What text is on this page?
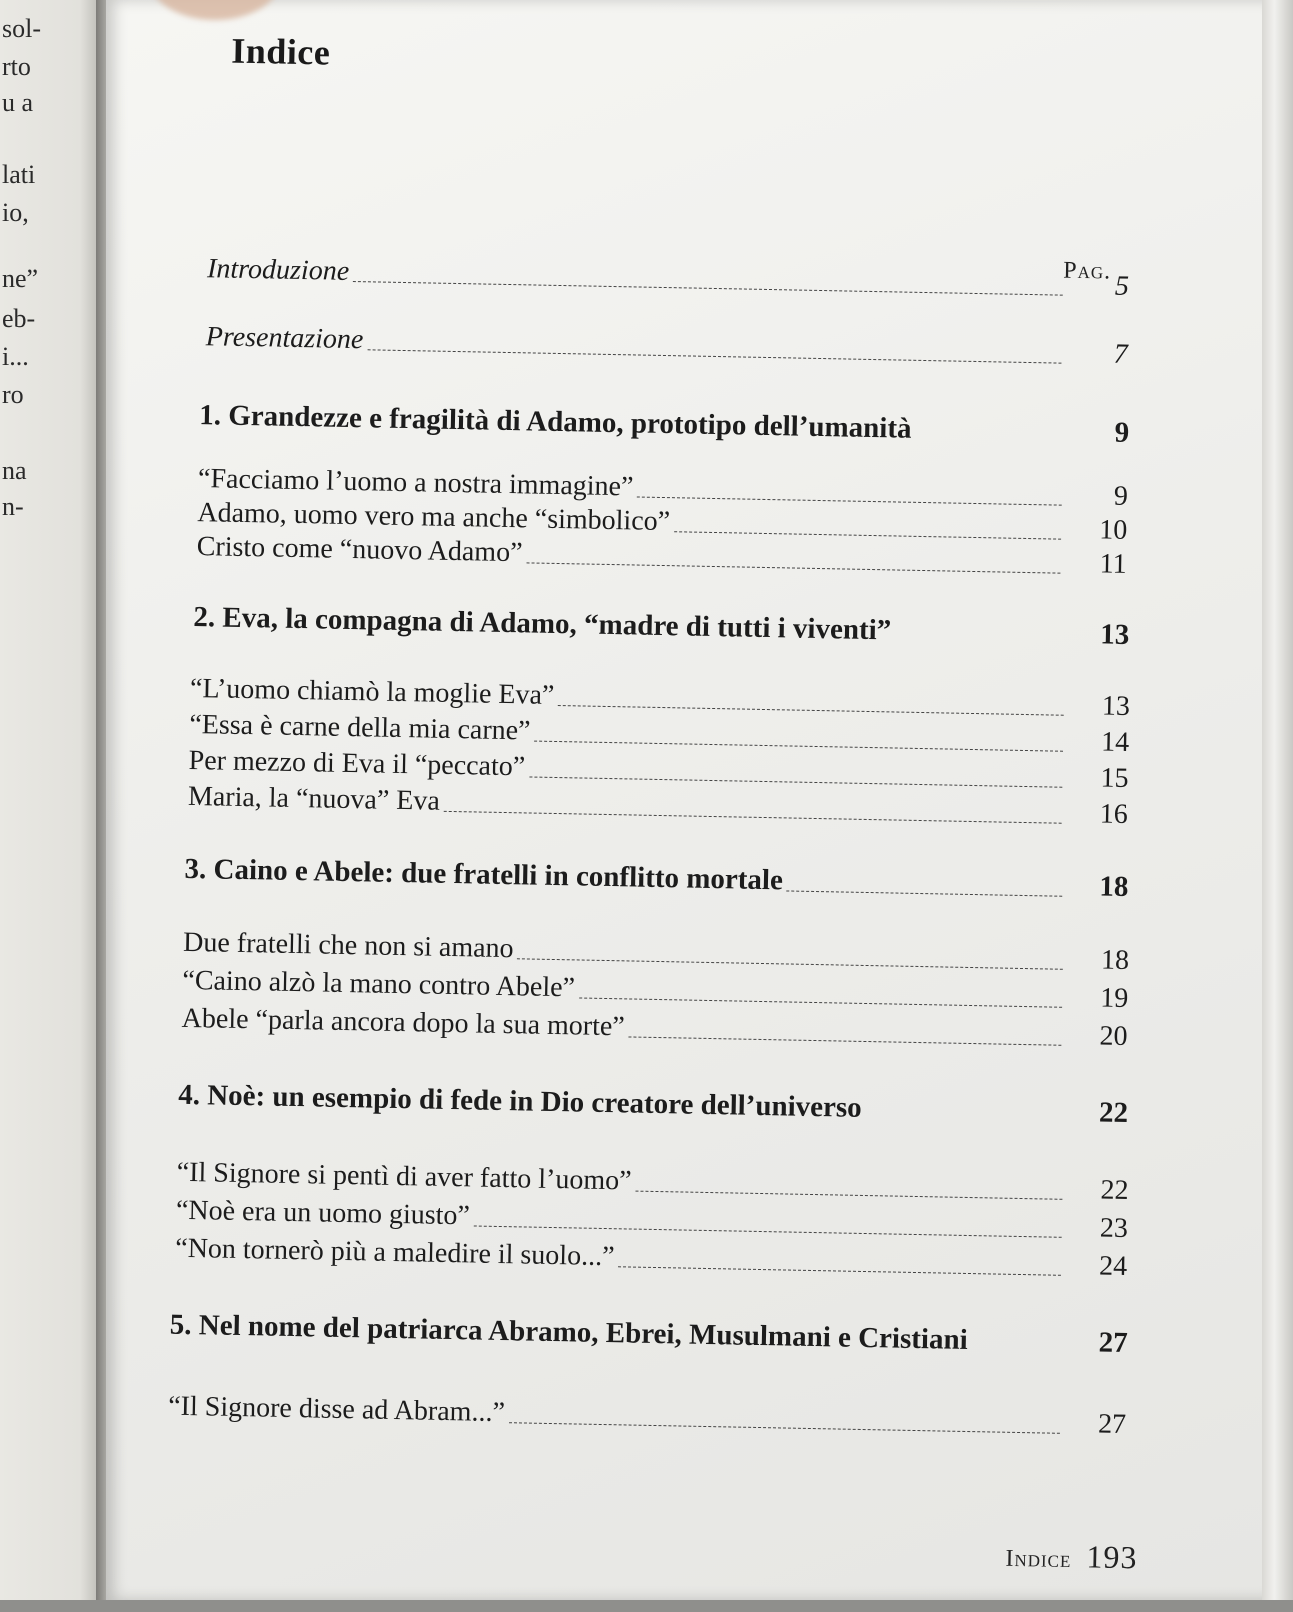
sol-
rto
u a
lati
io,
ne”
eb-
i...
ro
na
n-
Indice
Pag.
Introduzione	5
Presentazione	7
1. Grandezze e fragilità di Adamo, prototipo dell’umanità	9
“Facciamo l’uomo a nostra immagine”	9
Adamo, uomo vero ma anche “simbolico”	10
Cristo come “nuovo Adamo”	11
2. Eva, la compagna di Adamo, “madre di tutti i viventi”	13
“L’uomo chiamò la moglie Eva”	13
“Essa è carne della mia carne”	14
Per mezzo di Eva il “peccato”	15
Maria, la “nuova” Eva	16
3. Caino e Abele: due fratelli in conflitto mortale	18
Due fratelli che non si amano	18
“Caino alzò la mano contro Abele”	19
Abele “parla ancora dopo la sua morte”	20
4. Noè: un esempio di fede in Dio creatore dell’universo	22
“Il Signore si pentì di aver fatto l’uomo”	22
“Noè era un uomo giusto”	23
“Non tornerò più a maledire il suolo...”	24
5. Nel nome del patriarca Abramo, Ebrei, Musulmani e Cristiani	27
“Il Signore disse ad Abram...”	27
Indice 193
